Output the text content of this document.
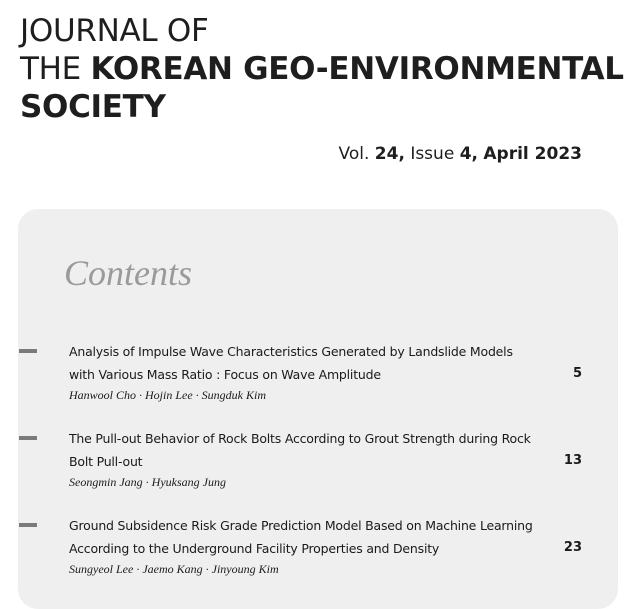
JOURNAL OF
THE KOREAN GEO-ENVIRONMENTAL
SOCIETY
Vol. 24, Issue 4, April 2023
Contents
Analysis of Impulse Wave Characteristics Generated by Landslide Models with Various Mass Ratio : Focus on Wave Amplitude
Hanwool Cho · Hojin Lee · Sungduk Kim
5
The Pull-out Behavior of Rock Bolts According to Grout Strength during Rock Bolt Pull-out
Seongmin Jang · Hyuksang Jung
13
Ground Subsidence Risk Grade Prediction Model Based on Machine Learning According to the Underground Facility Properties and Density
Sungyeol Lee · Jaemo Kang · Jinyoung Kim
23
